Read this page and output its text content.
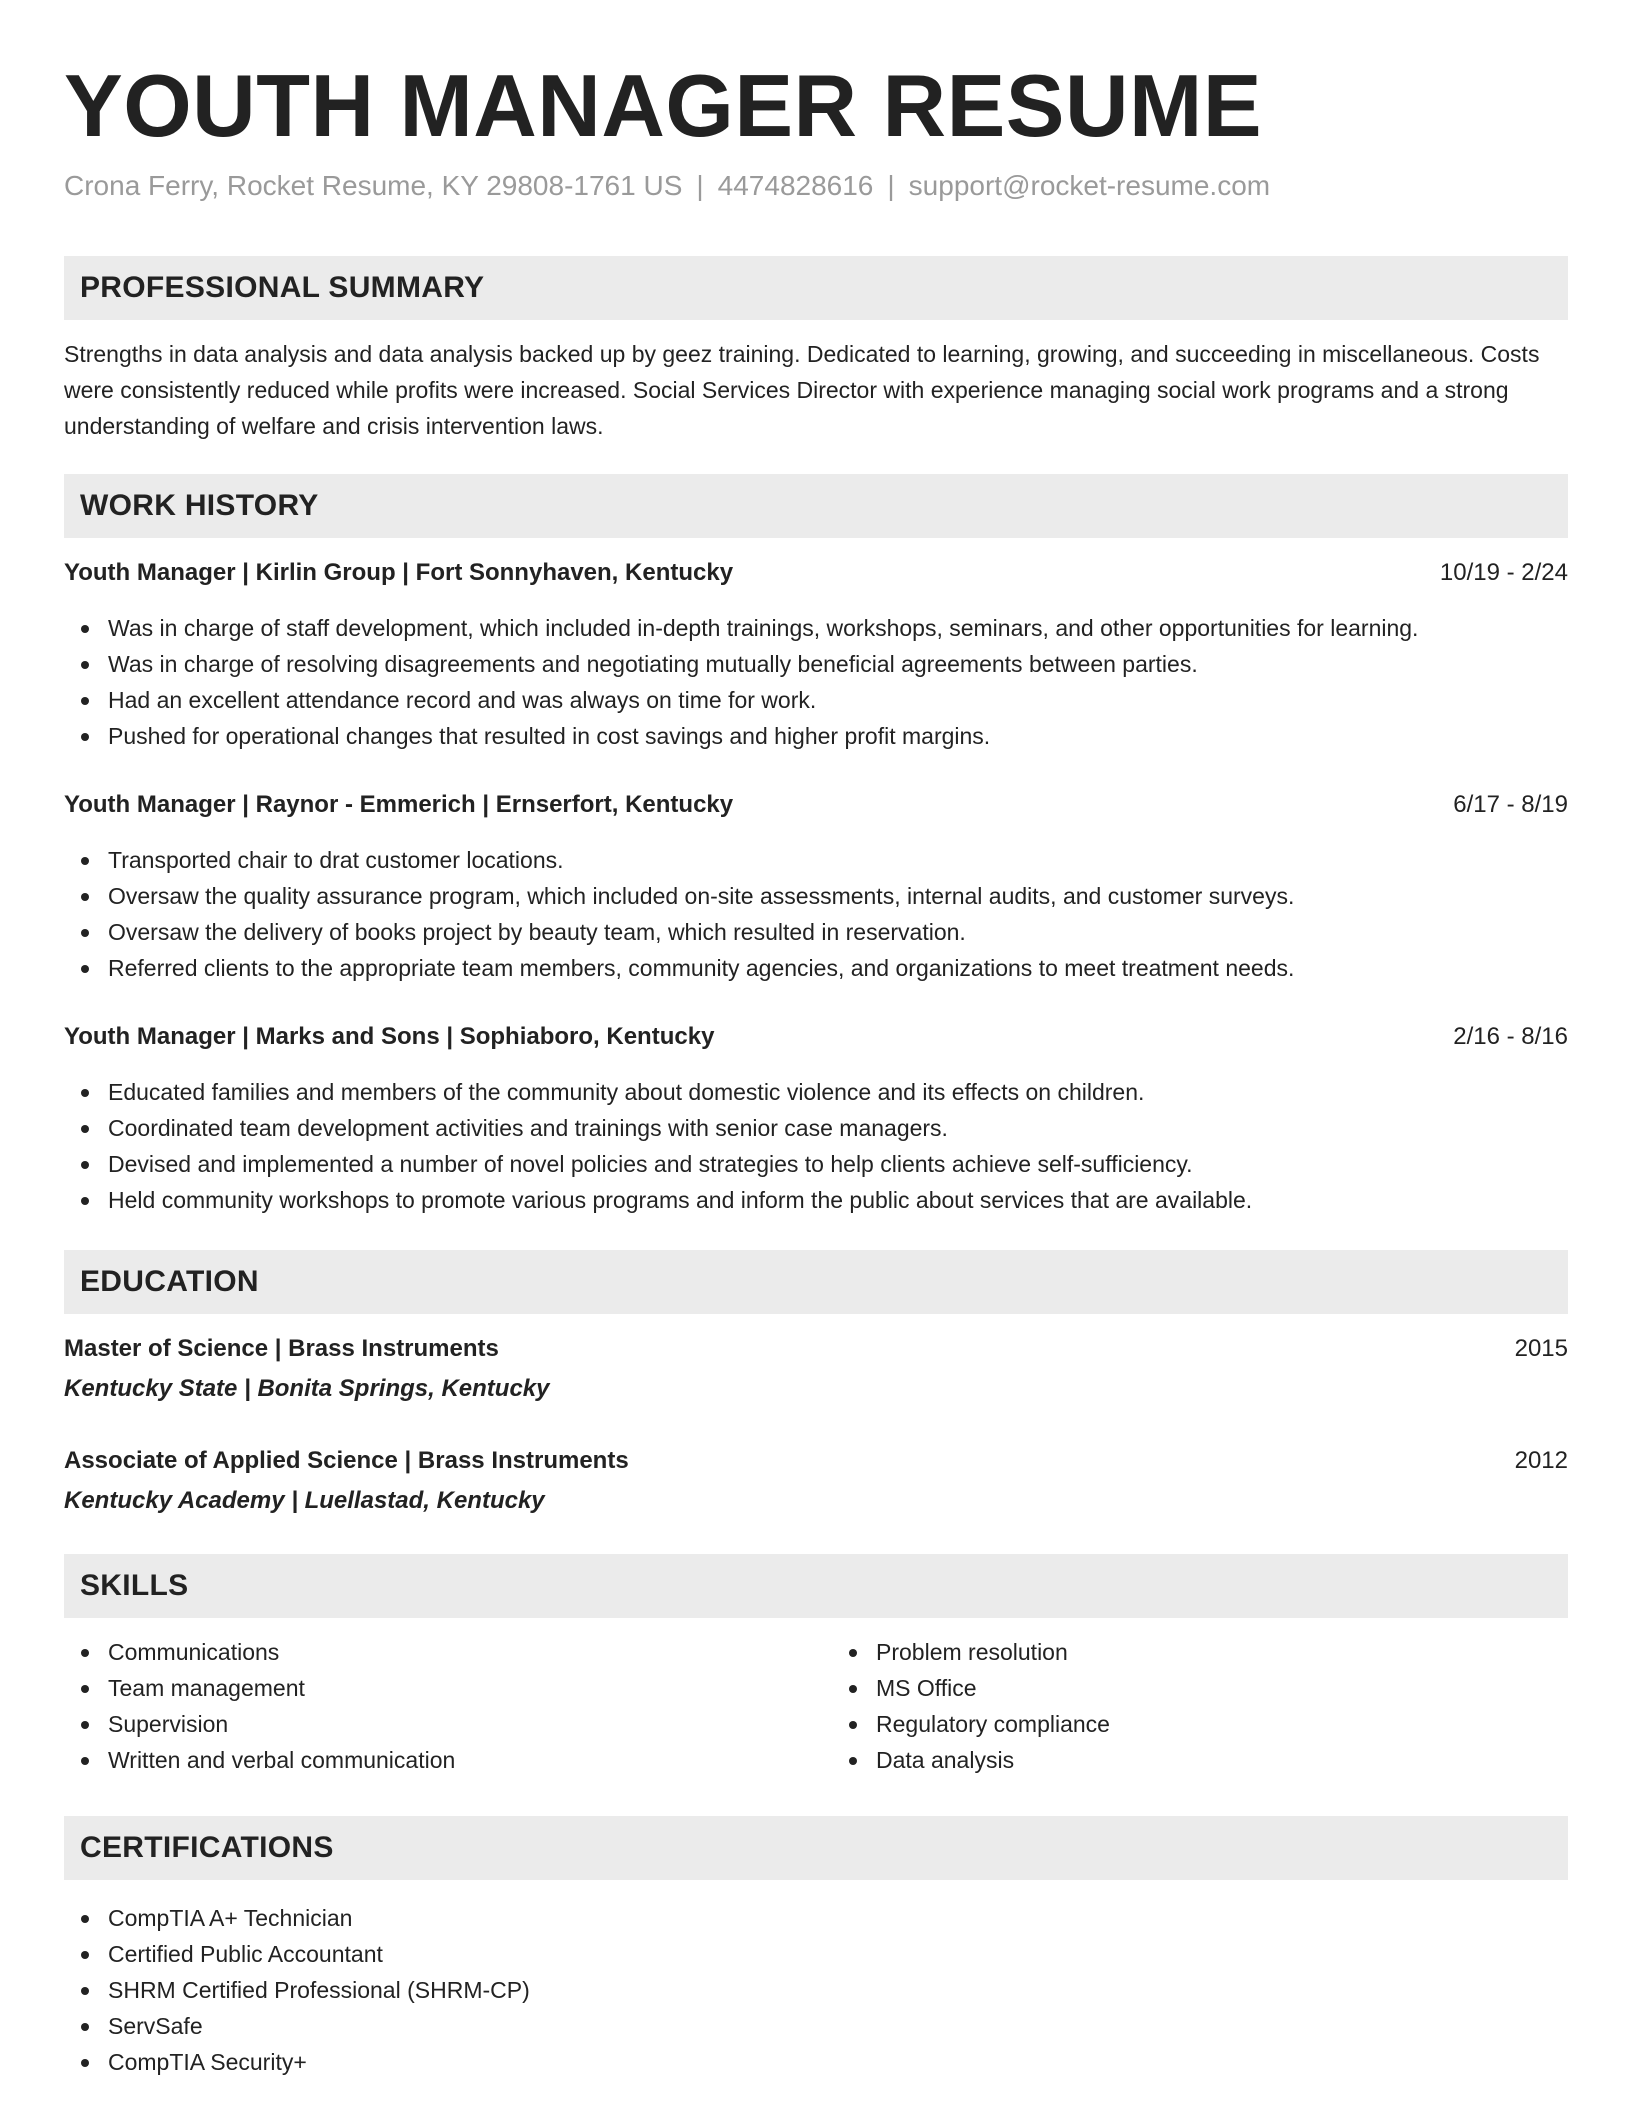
YOUTH MANAGER RESUME
Crona Ferry, Rocket Resume, KY 29808-1761 US | 4474828616 | support@rocket-resume.com
PROFESSIONAL SUMMARY

Strengths in data analysis and data analysis backed up by geez training. Dedicated to learning, growing, and succeeding in miscellaneous. Costs were consistently reduced while profits were increased. Social Services Director with experience managing social work programs and a strong understanding of welfare and crisis intervention laws.

WORK HISTORY
Youth Manager | Kirlin Group | Fort Sonnyhaven, Kentucky	10/19 - 2/24
Was in charge of staff development, which included in-depth trainings, workshops, seminars, and other opportunities for learning.
Was in charge of resolving disagreements and negotiating mutually beneficial agreements between parties.
Had an excellent attendance record and was always on time for work.
Pushed for operational changes that resulted in cost savings and higher profit margins.
Youth Manager | Raynor - Emmerich | Ernserfort, Kentucky	6/17 - 8/19
Transported chair to drat customer locations.
Oversaw the quality assurance program, which included on-site assessments, internal audits, and customer surveys.
Oversaw the delivery of books project by beauty team, which resulted in reservation.
Referred clients to the appropriate team members, community agencies, and organizations to meet treatment needs.
Youth Manager | Marks and Sons | Sophiaboro, Kentucky	2/16 - 8/16
Educated families and members of the community about domestic violence and its effects on children.
Coordinated team development activities and trainings with senior case managers.
Devised and implemented a number of novel policies and strategies to help clients achieve self-sufficiency.
Held community workshops to promote various programs and inform the public about services that are available.
EDUCATION
Master of Science | Brass Instruments	2015
Kentucky State | Bonita Springs, Kentucky
Associate of Applied Science | Brass Instruments	2012
Kentucky Academy | Luellastad, Kentucky
SKILLS
Communications
Team management
Supervision
Written and verbal communication
Problem resolution
MS Office
Regulatory compliance
Data analysis
CERTIFICATIONS
CompTIA A+ Technician
Certified Public Accountant
SHRM Certified Professional (SHRM-CP)
ServSafe
CompTIA Security+
